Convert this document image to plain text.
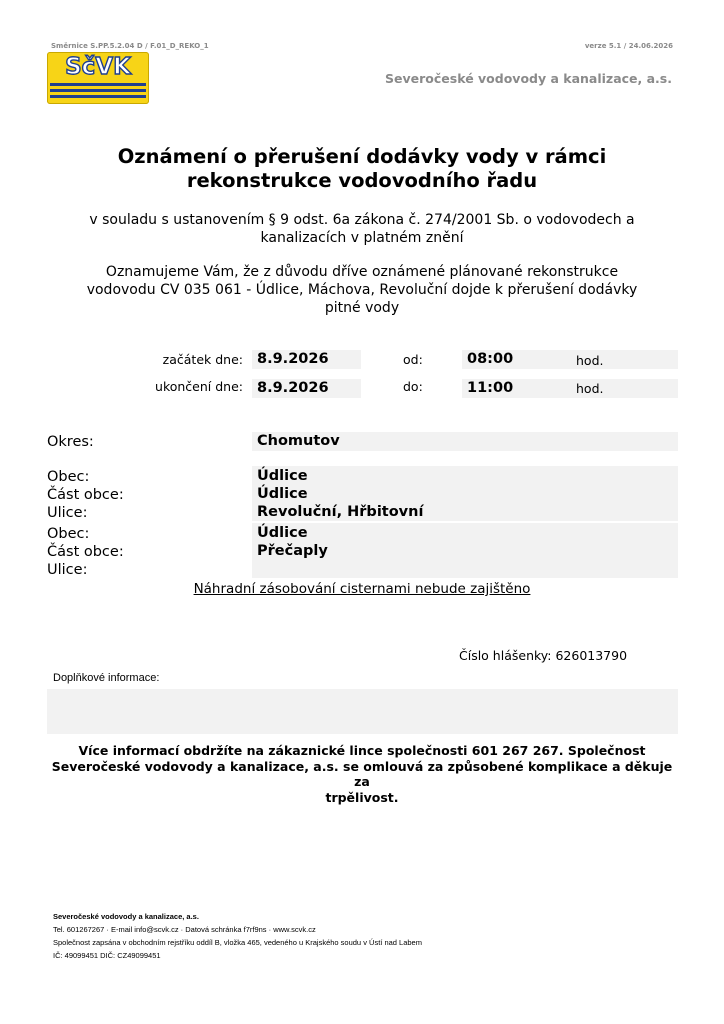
Směrnice S.PP.5.2.04 D / F.01_D_REKO_1	verze 5.1 / 24.06.2026
SčVK	Severočeské vodovody a kanalizace, a.s.
Oznámení o přerušení dodávky vody v rámci
rekonstrukce vodovodního řadu
v souladu s ustanovením § 9 odst. 6a zákona č. 274/2001 Sb. o vodovodech a
kanalizacích v platném znění
Oznamujeme Vám, že z důvodu dříve oznámené plánované rekonstrukce
vodovodu CV 035 061 - Údlice, Máchova, Revoluční dojde k přerušení dodávky
pitné vody
začátek dne: 8.9.2026	od:	08:00	hod.
ukončení dne: 8.9.2026	do:	11:00	hod.
Okres:	Chomutov
Obec:	Údlice
Část obce:	Údlice
Ulice:	Revoluční, Hřbitovní
Obec:	Údlice
Část obce:	Přečaply
Ulice:
Náhradní zásobování cisternami nebude zajištěno
Číslo hlášenky: 626013790
Doplňkové informace:
Více informací obdržíte na zákaznické lince společnosti 601 267 267. Společnost
Severočeské vodovody a kanalizace, a.s. se omlouvá za způsobené komplikace a děkuje za
trpělivost.
Severočeské vodovody a kanalizace, a.s.
Tel. 601267267 · E-mail info@scvk.cz · Datová schránka f7rf9ns · www.scvk.cz
Společnost zapsána v obchodním rejstříku oddíl B, vložka 465, vedeného u Krajského soudu v Ústí nad Labem
IČ: 49099451 DIČ: CZ49099451
